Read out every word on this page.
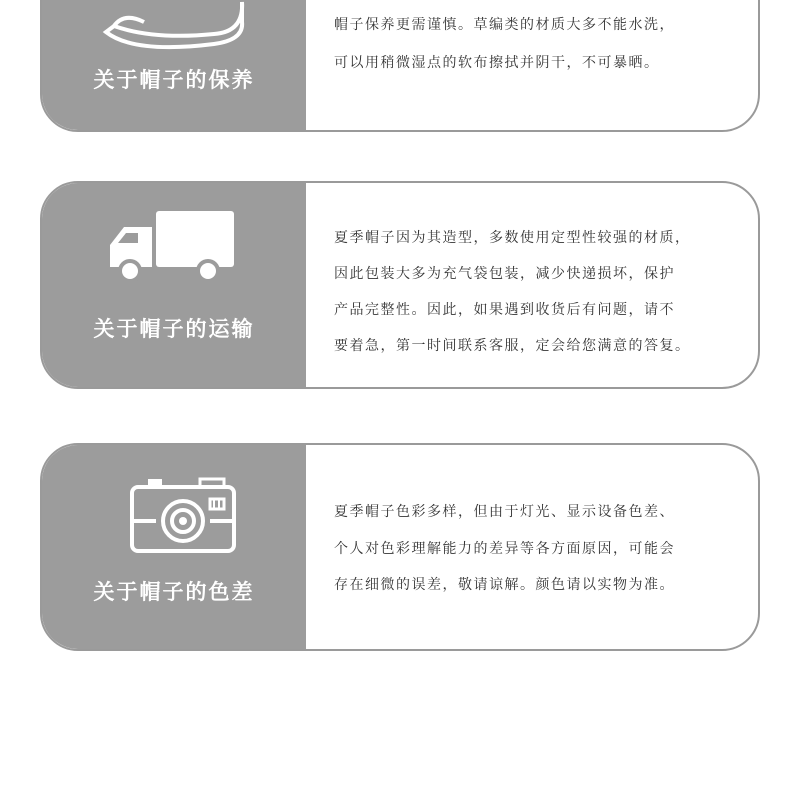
关于帽子的保养
帽子保养更需谨慎。草编类的材质大多不能水洗，
可以用稍微湿点的软布擦拭并阴干，不可暴晒。
关于帽子的运输
夏季帽子因为其造型，多数使用定型性较强的材质，
因此包装大多为充气袋包装，减少快递损坏，保护
产品完整性。因此，如果遇到收货后有问题，请不
要着急，第一时间联系客服，定会给您满意的答复。
关于帽子的色差
夏季帽子色彩多样，但由于灯光、显示设备色差、
个人对色彩理解能力的差异等各方面原因，可能会
存在细微的误差，敬请谅解。颜色请以实物为准。
